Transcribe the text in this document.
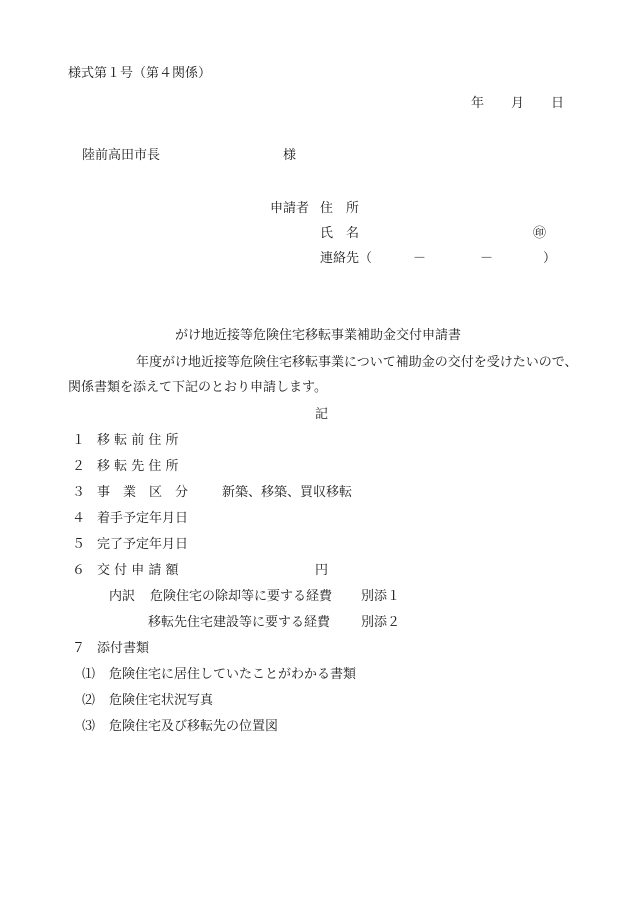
様式第１号（第４関係）
年 月 日
陸前高田市長	様
申請者 住　所
氏　名	㊞
連絡先（	－	－	）
がけ地近接等危険住宅移転事業補助金交付申請書
年度がけ地近接等危険住宅移転事業について補助金の交付を受けたいので、
関係書類を添えて下記のとおり申請します。
記
１ 移 転 前 住 所
２ 移 転 先 住 所
３ 事　業　区　分	新築、移築、買収移転
４ 着手予定年月日
５ 完了予定年月日
６ 交 付 申 請 額	円
内訳 危険住宅の除却等に要する経費 別添１
移転先住宅建設等に要する経費 別添２
７ 添付書類
⑴ 危険住宅に居住していたことがわかる書類
⑵ 危険住宅状況写真
⑶ 危険住宅及び移転先の位置図
